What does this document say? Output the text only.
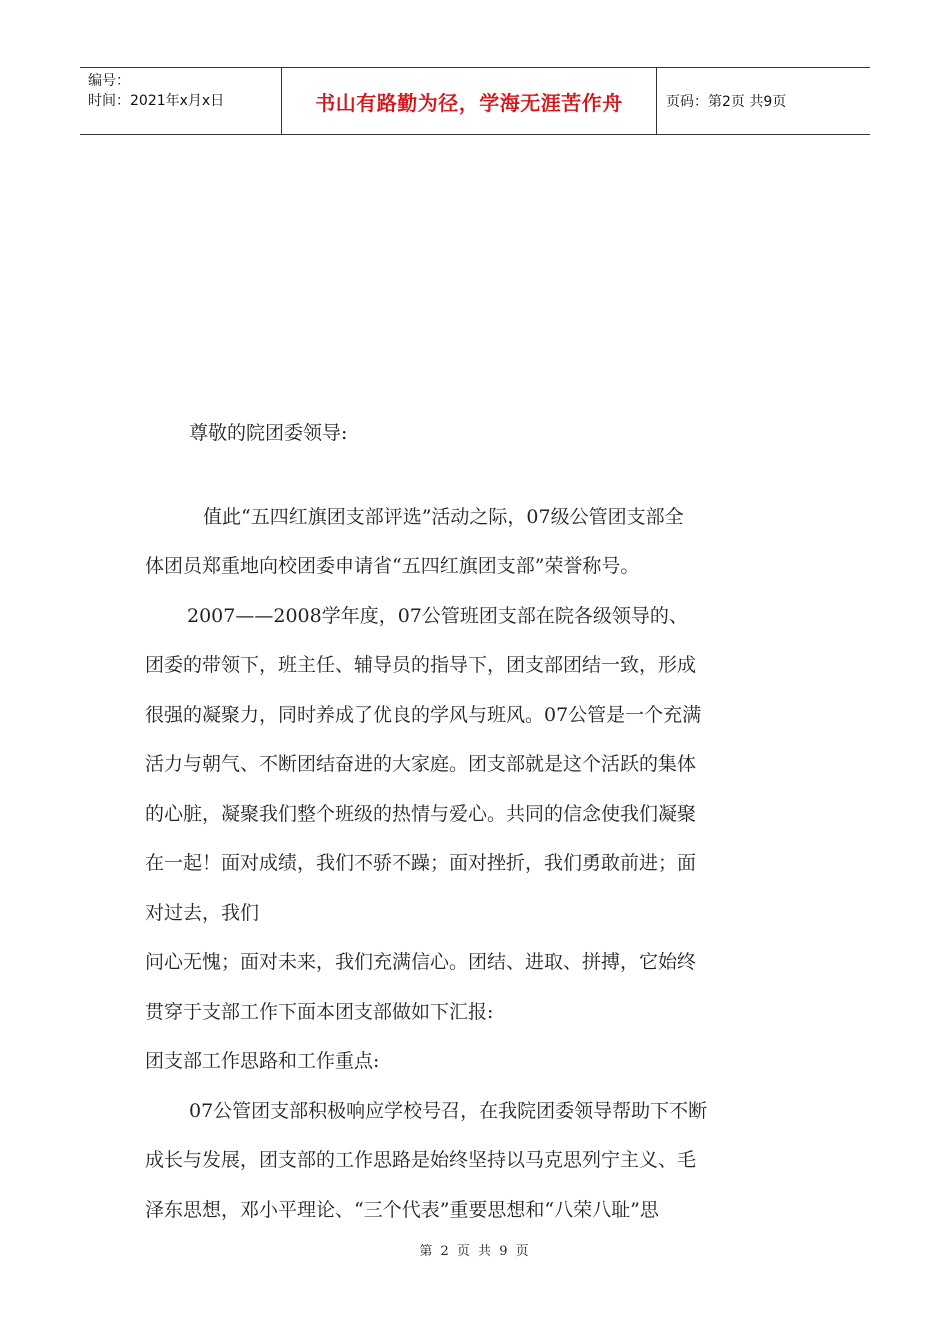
编号：
时间：2021年x月x日	书山有路勤为径，学海无涯苦作舟	页码：第2页 共9页
尊敬的院团委领导:
值此“五四红旗团支部评选”活动之际，07级公管团支部全
体团员郑重地向校团委申请省“五四红旗团支部”荣誉称号。
2007——2008学年度，07公管班团支部在院各级领导的、
团委的带领下，班主任、辅导员的指导下，团支部团结一致，形成
很强的凝聚力，同时养成了优良的学风与班风。07公管是一个充满
活力与朝气、不断团结奋进的大家庭。团支部就是这个活跃的集体
的心脏，凝聚我们整个班级的热情与爱心。共同的信念使我们凝聚
在一起！面对成绩，我们不骄不躁；面对挫折，我们勇敢前进；面
对过去，我们
问心无愧；面对未来，我们充满信心。团结、进取、拼搏，它始终
贯穿于支部工作下面本团支部做如下汇报:
团支部工作思路和工作重点:
07公管团支部积极响应学校号召，在我院团委领导帮助下不断
成长与发展，团支部的工作思路是始终坚持以马克思列宁主义、毛
泽东思想，邓小平理论、“三个代表”重要思想和“八荣八耻”思
第 2 页 共 9 页
